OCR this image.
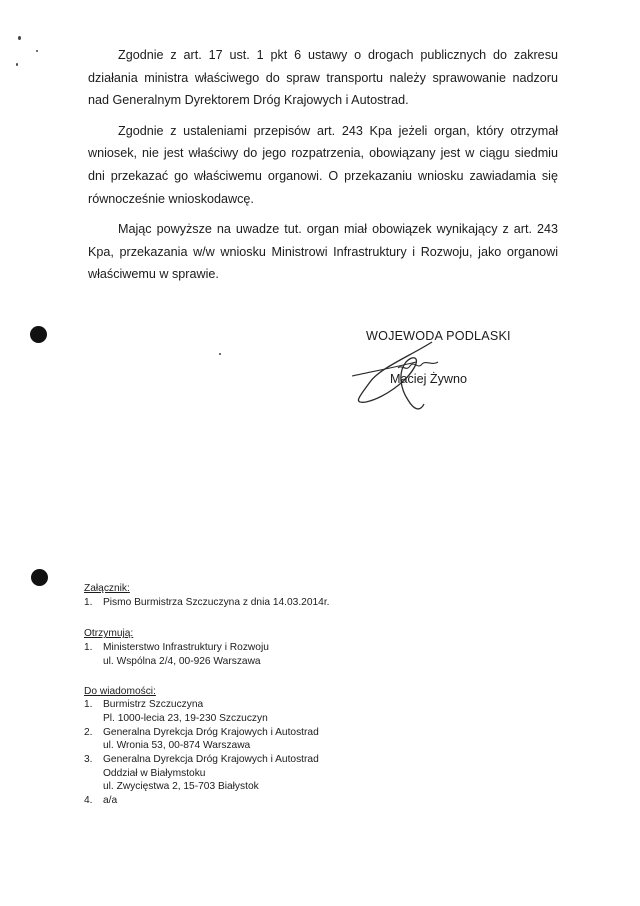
Zgodnie z art. 17 ust. 1 pkt 6 ustawy o drogach publicznych do zakresu działania ministra właściwego do spraw transportu należy sprawowanie nadzoru nad Generalnym Dyrektorem Dróg Krajowych i Autostrad.

Zgodnie z ustaleniami przepisów art. 243 Kpa jeżeli organ, który otrzymał wniosek, nie jest właściwy do jego rozpatrzenia, obowiązany jest w ciągu siedmiu dni przekazać go właściwemu organowi. O przekazaniu wniosku zawiadamia się równocześnie wnioskodawcę.

Mając powyższe na uwadze tut. organ miał obowiązek wynikający z art. 243 Kpa, przekazania w/w wniosku Ministrowi Infrastruktury i Rozwoju, jako organowi właściwemu w sprawie.

WOJEWODA PODLASKI
Maciej Żywno

Załącznik:

1. Pismo Burmistrza Szczuczyna z dnia 14.03.2014r.

Otrzymują:

1. Ministerstwo Infrastruktury i Rozwoju
ul. Wspólna 2/4, 00-926 Warszawa

Do wiadomości:

1. Burmistrz Szczuczyna
Pl. 1000-lecia 23, 19-230 Szczuczyn
2. Generalna Dyrekcja Dróg Krajowych i Autostrad
ul. Wronia 53, 00-874 Warszawa
3. Generalna Dyrekcja Dróg Krajowych i Autostrad
Oddział w Białymstoku
ul. Zwycięstwa 2, 15-703 Białystok
4. a/a
